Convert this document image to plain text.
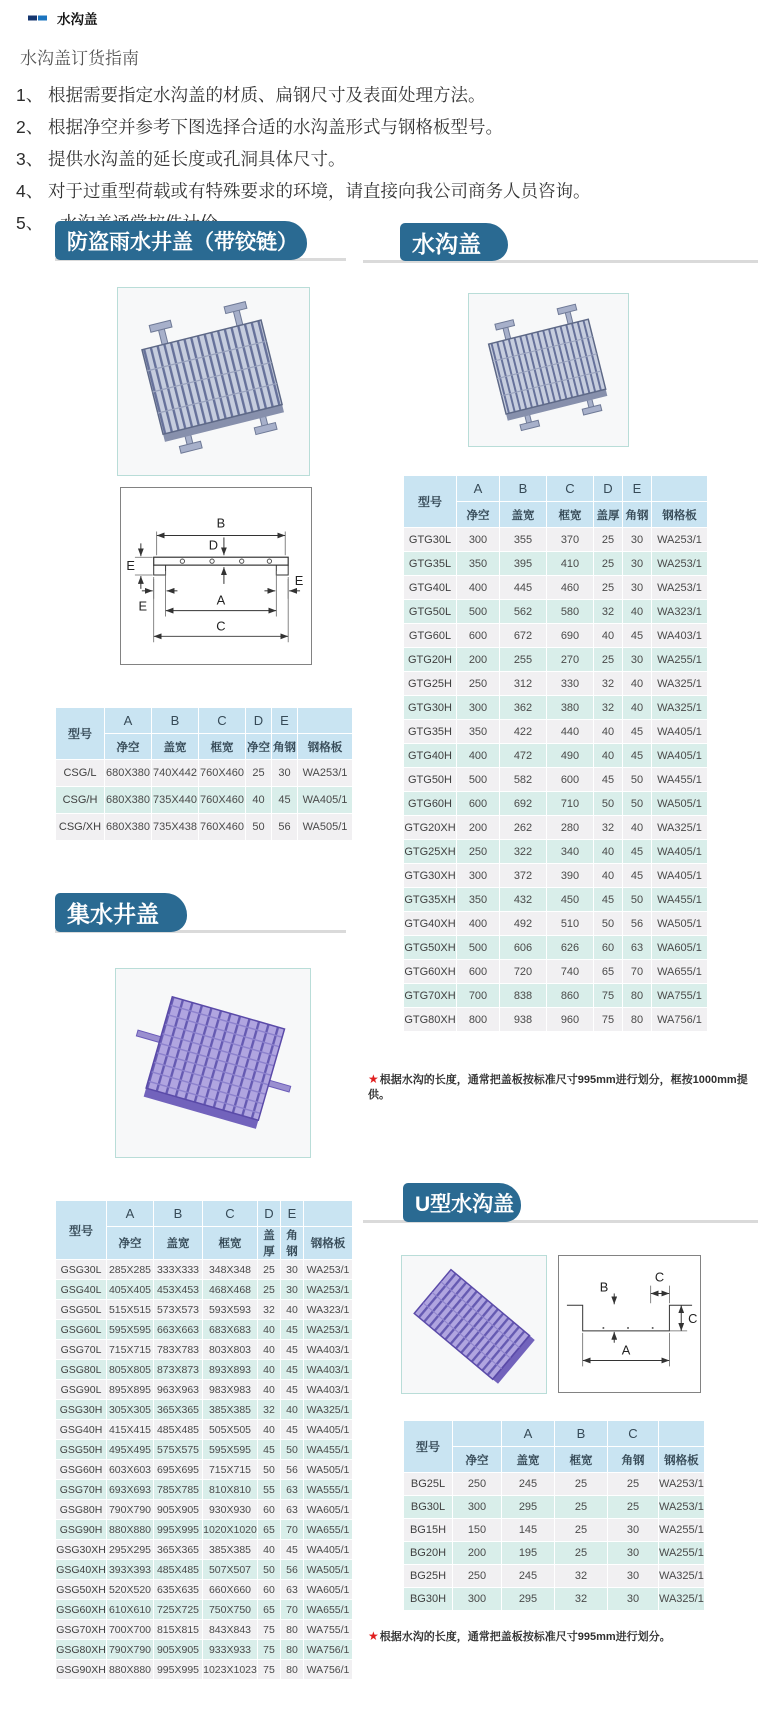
水沟盖
水沟盖订货指南
1、 根据需要指定水沟盖的材质、扁钢尺寸及表面处理方法。
2、 根据净空并参考下图选择合适的水沟盖形式与钢格板型号。
3、 提供水沟盖的延长度或孔洞具体尺寸。
4、 对于过重型荷载或有特殊要求的环境，请直接向我公司商务人员咨询。
5、
防盗雨水井盖（带铰链）	水沟盖
集水井盖
U型水沟盖
B
D
E
E
E
A
C
B
C
C
A
型号	A	B	C	D	E	
	净空	盖宽	框宽	净空	角钢	钢格板
CSG/L	680X380	740X442	760X460	25	30	WA253/1
CSG/H	680X380	735X440	760X460	40	45	WA405/1
CSG/XH	680X380	735X438	760X460	50	56	WA505/1
型号	A	B	C	D	E	
	净空	盖宽	框宽	盖厚	角钢	钢格板
GTG30L	300	355	370	25	30	WA253/1
GTG35L	350	395	410	25	30	WA253/1
GTG40L	400	445	460	25	30	WA253/1
GTG50L	500	562	580	32	40	WA323/1
GTG60L	600	672	690	40	45	WA403/1
GTG20H	200	255	270	25	30	WA255/1
GTG25H	250	312	330	32	40	WA325/1
GTG30H	300	362	380	32	40	WA325/1
GTG35H	350	422	440	40	45	WA405/1
GTG40H	400	472	490	40	45	WA405/1
GTG50H	500	582	600	45	50	WA455/1
GTG60H	600	692	710	50	50	WA505/1
GTG20XH	200	262	280	32	40	WA325/1
GTG25XH	250	322	340	40	45	WA405/1
GTG30XH	300	372	390	40	45	WA405/1
GTG35XH	350	432	450	45	50	WA455/1
GTG40XH	400	492	510	50	56	WA505/1
GTG50XH	500	606	626	60	63	WA605/1
GTG60XH	600	720	740	65	70	WA655/1
GTG70XH	700	838	860	75	80	WA755/1
GTG80XH	800	938	960	75	80	WA756/1
型号	A	B	C	D	E	
	净空	盖宽	框宽	盖厚	角钢	钢格板
GSG30L	285X285	333X333	348X348	25	30	WA253/1
GSG40L	405X405	453X453	468X468	25	30	WA253/1
GSG50L	515X515	573X573	593X593	32	40	WA323/1
GSG60L	595X595	663X663	683X683	40	45	WA253/1
GSG70L	715X715	783X783	803X803	40	45	WA403/1
GSG80L	805X805	873X873	893X893	40	45	WA403/1
GSG90L	895X895	963X963	983X983	40	45	WA403/1
GSG30H	305X305	365X365	385X385	32	40	WA325/1
GSG40H	415X415	485X485	505X505	40	45	WA405/1
GSG50H	495X495	575X575	595X595	45	50	WA455/1
GSG60H	603X603	695X695	715X715	50	56	WA505/1
GSG70H	693X693	785X785	810X810	55	63	WA555/1
GSG80H	790X790	905X905	930X930	60	63	WA605/1
GSG90H	880X880	995X995	1020X1020	65	70	WA655/1
GSG30XH	295X295	365X365	385X385	40	45	WA405/1
GSG40XH	393X393	485X485	507X507	50	56	WA505/1
GSG50XH	520X520	635X635	660X660	60	63	WA605/1
GSG60XH	610X610	725X725	750X750	65	70	WA655/1
GSG70XH	700X700	815X815	843X843	75	80	WA755/1
GSG80XH	790X790	905X905	933X933	75	80	WA756/1
GSG90XH	880X880	995X995	1023X1023	75	80	WA756/1
型号		A	B	C	
	净空	盖宽	框宽	角钢	钢格板
BG25L	250	245	25	25	WA253/1
BG30L	300	295	25	25	WA253/1
BG15H	150	145	25	30	WA255/1
BG20H	200	195	25	30	WA255/1
BG25H	250	245	32	30	WA325/1
BG30H	300	295	32	30	WA325/1
★根据水沟的长度，通常把盖板按标准尺寸995mm进行划分，框按1000mm提供。
★根据水沟的长度，通常把盖板按标准尺寸995mm进行划分。
